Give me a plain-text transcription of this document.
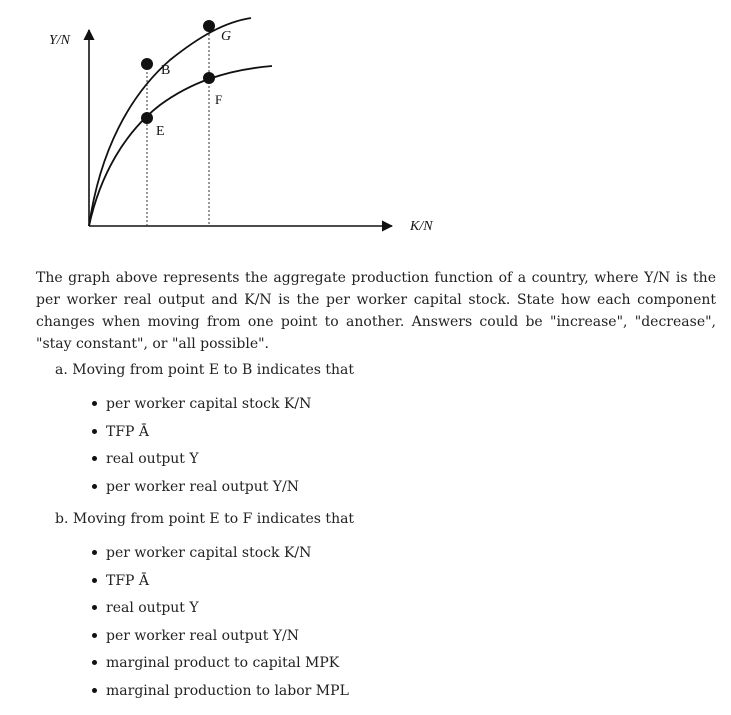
Y/N
K/N
B
G
E
F

The graph above represents the aggregate production function of a country, where Y/N is the per worker real output and K/N is the per worker capital stock. State how each component changes when moving from one point to another. Answers could be "increase", "decrease", "stay constant", or "all possible".

a. Moving from point E to B indicates that

per worker capital stock K/N
TFP Ā
real output Y
per worker real output Y/N

b. Moving from point E to F indicates that

per worker capital stock K/N
TFP Ā
real output Y
per worker real output Y/N
marginal product to capital MPK
marginal production to labor MPL
